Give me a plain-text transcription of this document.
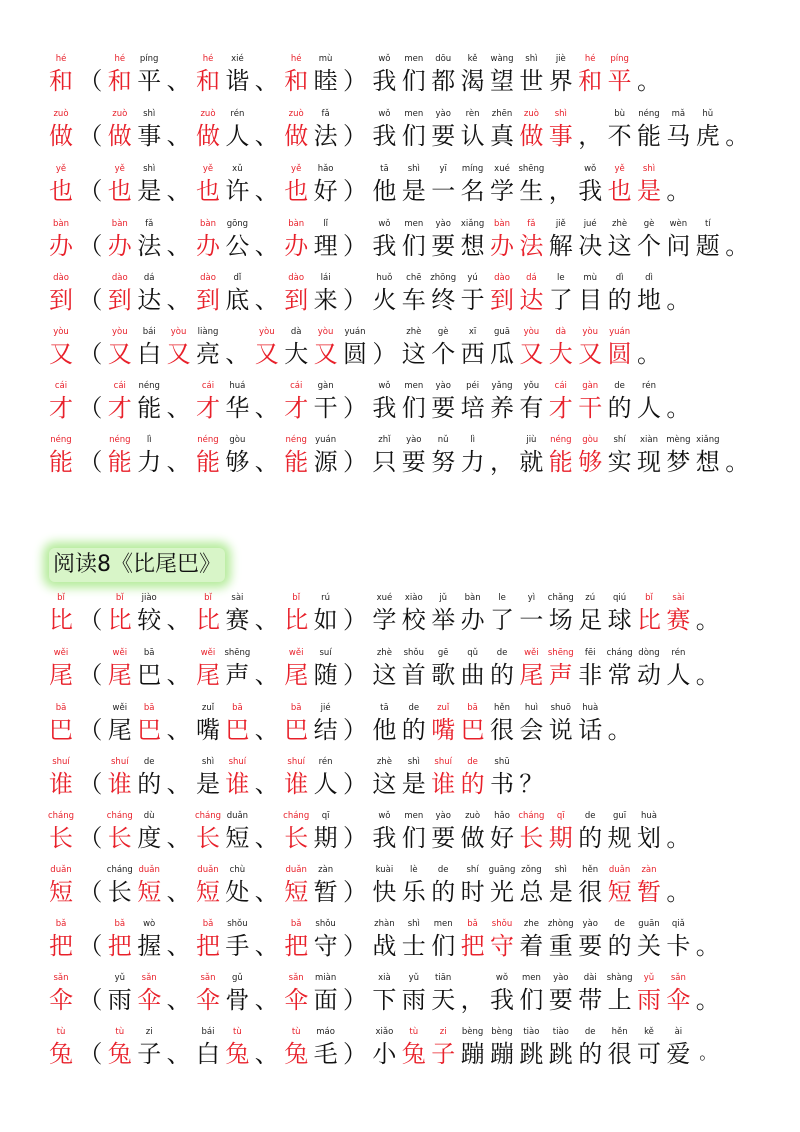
阅读8《比尾巴》
hé
和 （
hé
和
píng
平 、
hé
和
xié
谐 、
hé
和
mù
睦 ）
wǒ
我
men
们
dōu
都
kě
渴
wàng
望
shì
世
jiè
界
hé
和
píng
平 。
zuò
做 （
zuò
做
shì
事 、
zuò
做
rén
人 、
zuò
做
fǎ
法 ）
wǒ
我
men
们
yào
要
rèn
认
zhēn
真
zuò
做
shì
事 ，
bù
不
néng
能
mǎ
马
hǔ
虎 。
yě
也 （
yě
也
shì
是 、
yě
也
xǔ
许 、
yě
也
hǎo
好 ）
tā
他
shì
是
yī
一
míng
名
xué
学
shēng
生 ，
wǒ
我
yě
也
shì
是 。
bàn
办 （
bàn
办
fǎ
法 、
bàn
办
gōng
公 、
bàn
办
lǐ
理 ）
wǒ
我
men
们
yào
要
xiǎng
想
bàn
办
fǎ
法
jiě
解
jué
决
zhè
这
gè
个
wèn
问
tí
题 。
dào
到 （
dào
到
dá
达 、
dào
到
dǐ
底 、
dào
到
lái
来 ）
huǒ
火
chē
车
zhōng
终
yú
于
dào
到
dá
达
le
了
mù
目
dì
的
dì
地 。
yòu
又 （
yòu
又
bái
白
yòu
又
liàng
亮 、
yòu
又
dà
大
yòu
又
yuán
圆 ）
zhè
这
gè
个
xī
西
guā
瓜
yòu
又
dà
大
yòu
又
yuán
圆 。
cái
才 （
cái
才
néng
能 、
cái
才
huá
华 、
cái
才
gàn
干 ）
wǒ
我
men
们
yào
要
péi
培
yǎng
养
yǒu
有
cái
才
gàn
干
de
的
rén
人 。
néng
能 （
néng
能
lì
力 、
néng
能
gòu
够 、
néng
能
yuán
源 ）
zhǐ
只
yào
要
nǔ
努
lì
力 ，
jiù
就
néng
能
gòu
够
shí
实
xiàn
现
mèng
梦
xiǎng
想 。
bǐ
比 （
bǐ
比
jiào
较 、
bǐ
比
sài
赛 、
bǐ
比
rú
如 ）
xué
学
xiào
校
jǔ
举
bàn
办
le
了
yì
一
chǎng
场
zú
足
qiú
球
bǐ
比
sài
赛 。
wěi
尾 （
wěi
尾
bā
巴 、
wěi
尾
shēng
声 、
wěi
尾
suí
随 ）
zhè
这
shǒu
首
gē
歌
qǔ
曲
de
的
wěi
尾
shēng
声
fēi
非
cháng
常
dòng
动
rén
人 。
bā
巴 （
wěi
尾
bā
巴 、
zuǐ
嘴
bā
巴 、
bā
巴
jié
结 ）
tā
他
de
的
zuǐ
嘴
bā
巴
hěn
很
huì
会
shuō
说
huà
话 。
shuí
谁 （
shuí
谁
de
的 、
shì
是
shuí
谁 、
shuí
谁
rén
人 ）
zhè
这
shì
是
shuí
谁
de
的
shū
书 ？
cháng
长 （
cháng
长
dù
度 、
cháng
长
duǎn
短 、
cháng
长
qī
期 ）
wǒ
我
men
们
yào
要
zuò
做
hǎo
好
cháng
长
qī
期
de
的
guī
规
huà
划 。
duǎn
短 （
cháng
长
duǎn
短 、
duǎn
短
chù
处 、
duǎn
短
zàn
暂 ）
kuài
快
lè
乐
de
的
shí
时
guāng
光
zǒng
总
shì
是
hěn
很
duǎn
短
zàn
暂 。
bǎ
把 （
bǎ
把
wò
握 、
bǎ
把
shǒu
手 、
bǎ
把
shǒu
守 ）
zhàn
战
shì
士
men
们
bǎ
把
shǒu
守
zhe
着
zhòng
重
yào
要
de
的
guān
关
qiǎ
卡 。
sǎn
伞 （
yǔ
雨
sǎn
伞 、
sǎn
伞
gǔ
骨 、
sǎn
伞
miàn
面 ）
xià
下
yǔ
雨
tiān
天 ，
wǒ
我
men
们
yào
要
dài
带
shàng
上
yǔ
雨
sǎn
伞 。
tù
兔 （
tù
兔
zi
子 、
bái
白
tù
兔 、
tù
兔
máo
毛 ）
xiǎo
小
tù
兔
zi
子
bèng
蹦
bèng
蹦
tiào
跳
tiào
跳
de
的
hěn
很
kě
可
ài
爱 。
